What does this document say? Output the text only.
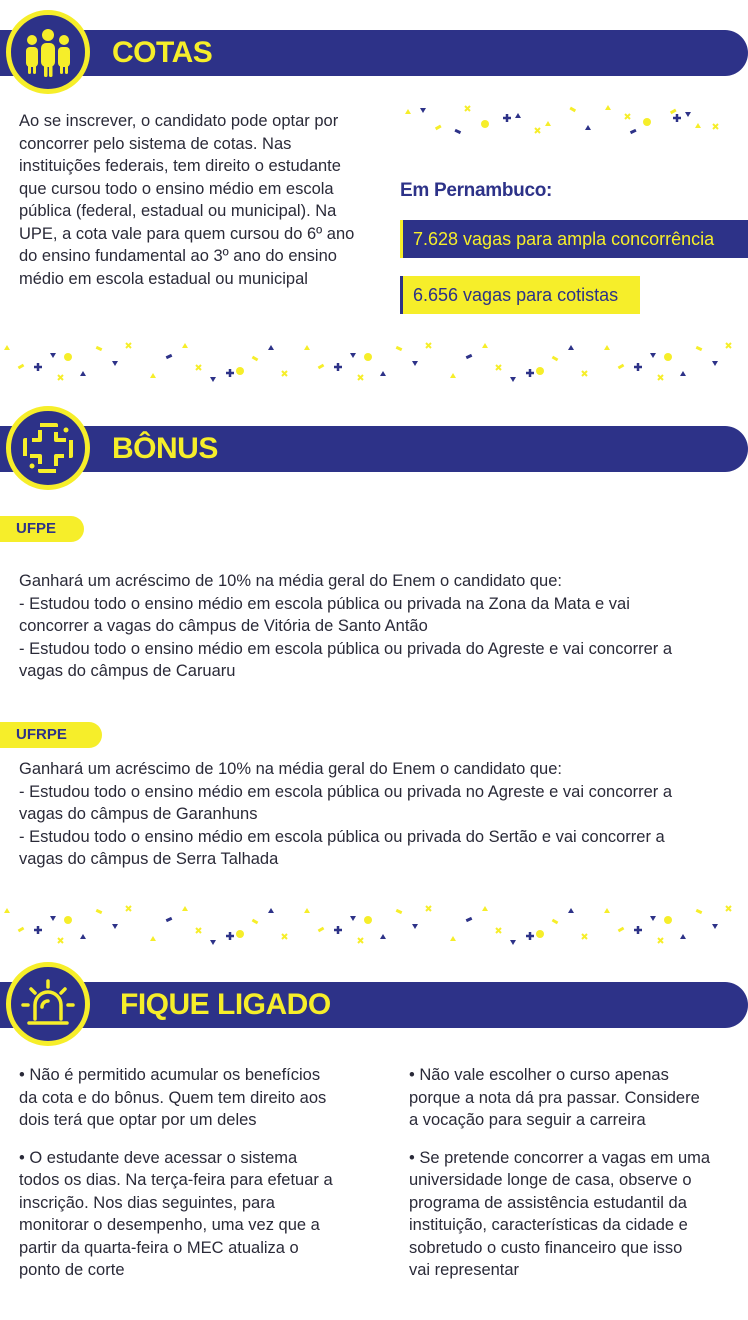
COTAS
Ao se inscrever, o candidato pode optar por
concorrer pelo sistema de cotas. Nas
instituições federais, tem direito o estudante
que cursou todo o ensino médio em escola
pública (federal, estadual ou municipal). Na
UPE, a cota vale para quem cursou do 6º ano
do ensino fundamental ao 3º ano do ensino
médio em escola estadual ou municipal
Em Pernambuco:
7.628 vagas para ampla concorrência
6.656 vagas para cotistas
BÔNUS
UFPE
Ganhará um acréscimo de 10% na média geral do Enem o candidato que:
- Estudou todo o ensino médio em escola pública ou privada na Zona da Mata e vai
concorrer a vagas do câmpus de Vitória de Santo Antão
- Estudou todo o ensino médio em escola pública ou privada do Agreste e vai concorrer a
vagas do câmpus de Caruaru
UFRPE
Ganhará um acréscimo de 10% na média geral do Enem o candidato que:
- Estudou todo o ensino médio em escola pública ou privada no Agreste e vai concorrer a
vagas do câmpus de Garanhuns
- Estudou todo o ensino médio em escola pública ou privada do Sertão e vai concorrer a
vagas do câmpus de Serra Talhada
FIQUE LIGADO
• Não é permitido acumular os benefícios
da cota e do bônus. Quem tem direito aos
dois terá que optar por um deles
• O estudante deve acessar o sistema
todos os dias. Na terça-feira para efetuar a
inscrição. Nos dias seguintes, para
monitorar o desempenho, uma vez que a
partir da quarta-feira o MEC atualiza o
ponto de corte
• Não vale escolher o curso apenas
porque a nota dá pra passar. Considere
a vocação para seguir a carreira
• Se pretende concorrer a vagas em uma
universidade longe de casa, observe o
programa de assistência estudantil da
instituição, características da cidade e
sobretudo o custo financeiro que isso
vai representar
